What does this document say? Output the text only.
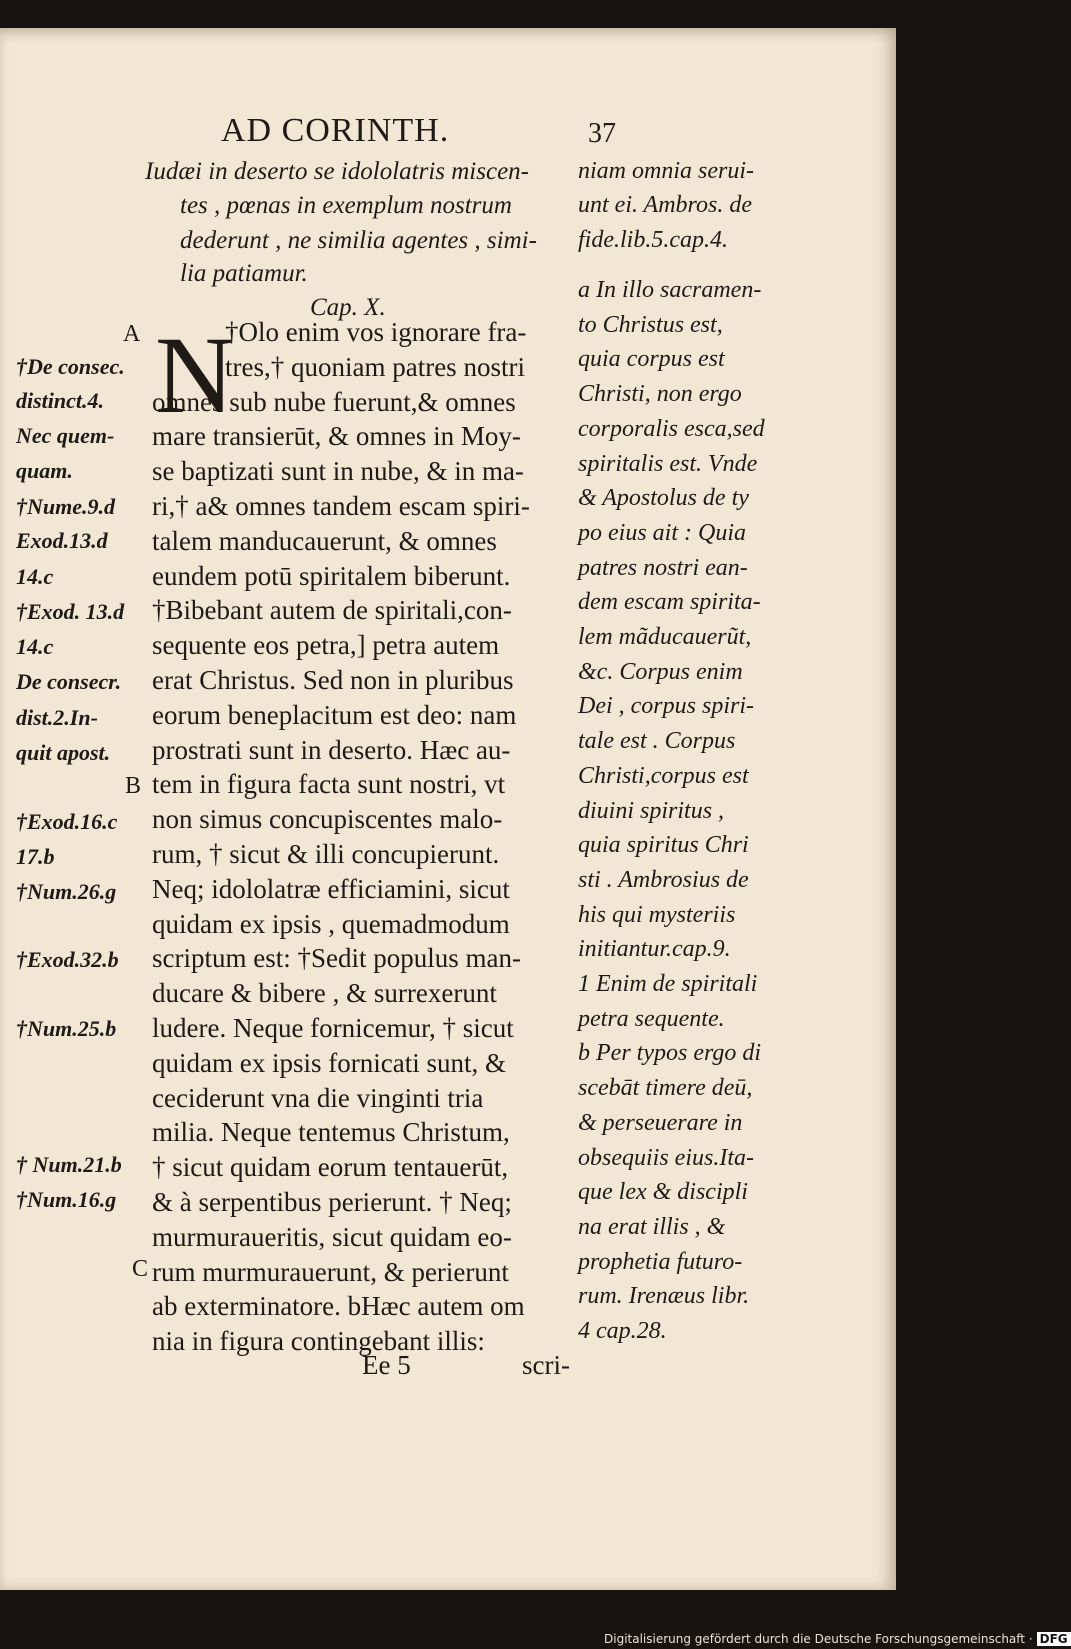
AD CORINTH.	37
Iudæi in deserto se idololatris miscen-
tes , pœnas in exemplum nostrum
dederunt , ne similia agentes , simi-
lia patiamur.
Cap. X.
N
†De consec.
distinct.4.
Nec quem-
quam.
†Nume.9.d
Exod.13.d
14.c
†Exod. 13.d
14.c
De consecr.
dist.2.In-
quit apost.
†Exod.16.c
17.b
†Num.26.g
†Exod.32.b
†Num.25.b
† Num.21.b
†Num.16.g
A
B
C
†Olo enim vos ignorare fra-
tres,† quoniam patres nostri
omnes sub nube fuerunt,& omnes
mare transierūt, & omnes in Moy-
se baptizati sunt in nube, & in ma-
ri,† a& omnes tandem escam spiri-
talem manducauerunt, & omnes
eundem potū spiritalem biberunt.
†Bibebant autem de spiritali,con-
sequente eos petra,] petra autem
erat Christus. Sed non in pluribus
eorum beneplacitum est deo: nam
prostrati sunt in deserto. Hæc au-
tem in figura facta sunt nostri, vt
non simus concupiscentes malo-
rum, † sicut & illi concupierunt.
Neq; idololatræ efficiamini, sicut
quidam ex ipsis , quemadmodum
scriptum est: †Sedit populus man-
ducare & bibere , & surrexerunt
ludere. Neque fornicemur, † sicut
quidam ex ipsis fornicati sunt, &
ceciderunt vna die vinginti tria
milia. Neque tentemus Christum,
† sicut quidam eorum tentauerūt,
& à serpentibus perierunt. † Neq;
murmuraueritis, sicut quidam eo-
rum murmurauerunt, & perierunt
ab exterminatore. bHæc autem om
nia in figura contingebant illis:
niam omnia serui-
unt ei. Ambros. de
fide.lib.5.cap.4.
a In illo sacramen-
to Christus est,
quia corpus est
Christi, non ergo
corporalis esca,sed
spiritalis est. Vnde
& Apostolus de ty
po eius ait : Quia
patres nostri ean-
dem escam spirita-
lem mãducauerũt,
&c. Corpus enim
Dei , corpus spiri-
tale est . Corpus
Christi,corpus est
diuini spiritus ,
quia spiritus Chri
sti . Ambrosius de
his qui mysteriis
initiantur.cap.9.
1 Enim de spiritali
petra sequente.
b Per typos ergo di
scebāt timere deū,
& perseuerare in
obsequiis eius.Ita-
que lex & discipli
na erat illis , &
prophetia futuro-
rum. Irenæus libr.
4 cap.28.
Ee 5	scri-
Digitalisierung gefördert durch die Deutsche Forschungsgemeinschaft · DFG
